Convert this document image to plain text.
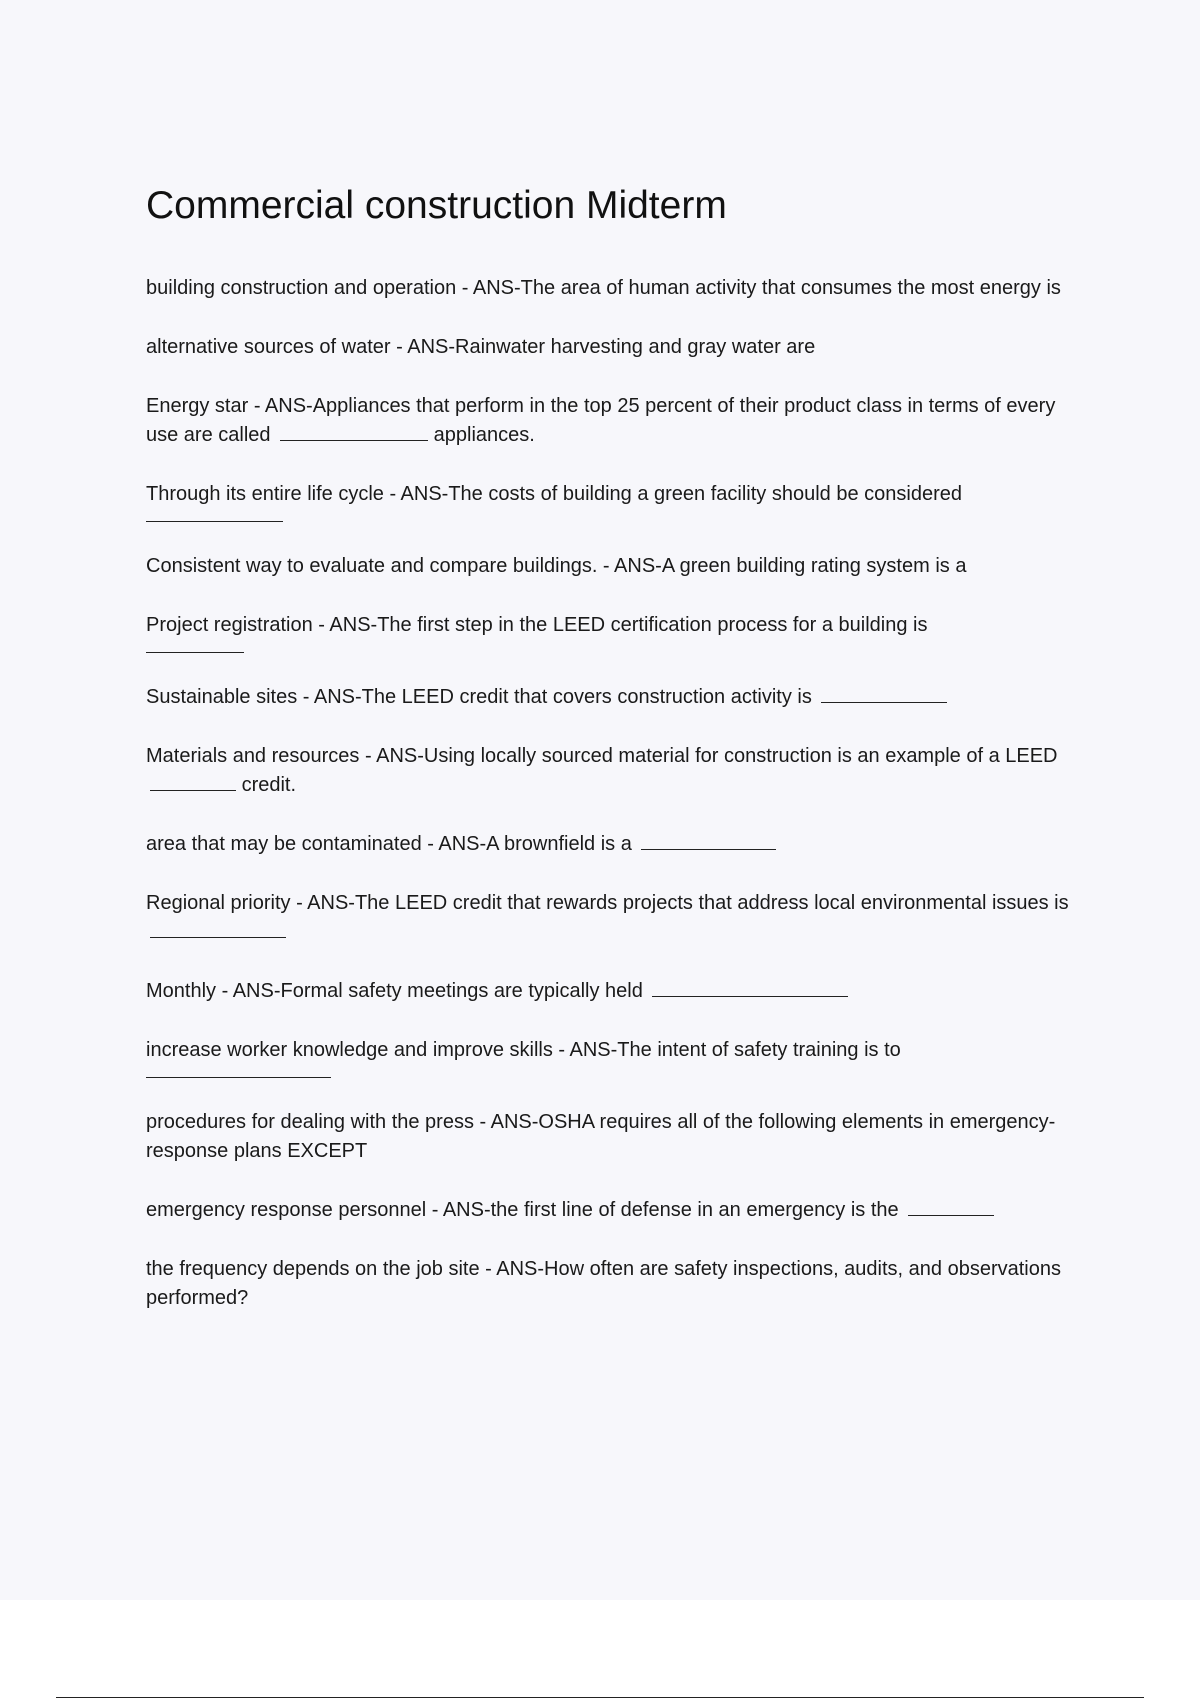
Commercial construction Midterm
building construction and operation - ANS-The area of human activity that consumes the most energy is
alternative sources of water - ANS-Rainwater harvesting and gray water are
Energy star - ANS-Appliances that perform in the top 25 percent of their product class in terms of every use are called	appliances.
Through its entire life cycle - ANS-The costs of building a green facility should be considered
Consistent way to evaluate and compare buildings. - ANS-A green building rating system is a
Project registration - ANS-The first step in the LEED certification process for a building is
Sustainable sites - ANS-The LEED credit that covers construction activity is
Materials and resources - ANS-Using locally sourced material for construction is an example of a LEED  credit.
area that may be contaminated - ANS-A brownfield is a
Regional priority - ANS-The LEED credit that rewards projects that address local environmental issues is
Monthly - ANS-Formal safety meetings are typically held
increase worker knowledge and improve skills - ANS-The intent of safety training is to
procedures for dealing with the press - ANS-OSHA requires all of the following elements in emergency-response plans EXCEPT
emergency response personnel - ANS-the first line of defense in an emergency is the
the frequency depends on the job site - ANS-How often are safety inspections, audits, and observations performed?
